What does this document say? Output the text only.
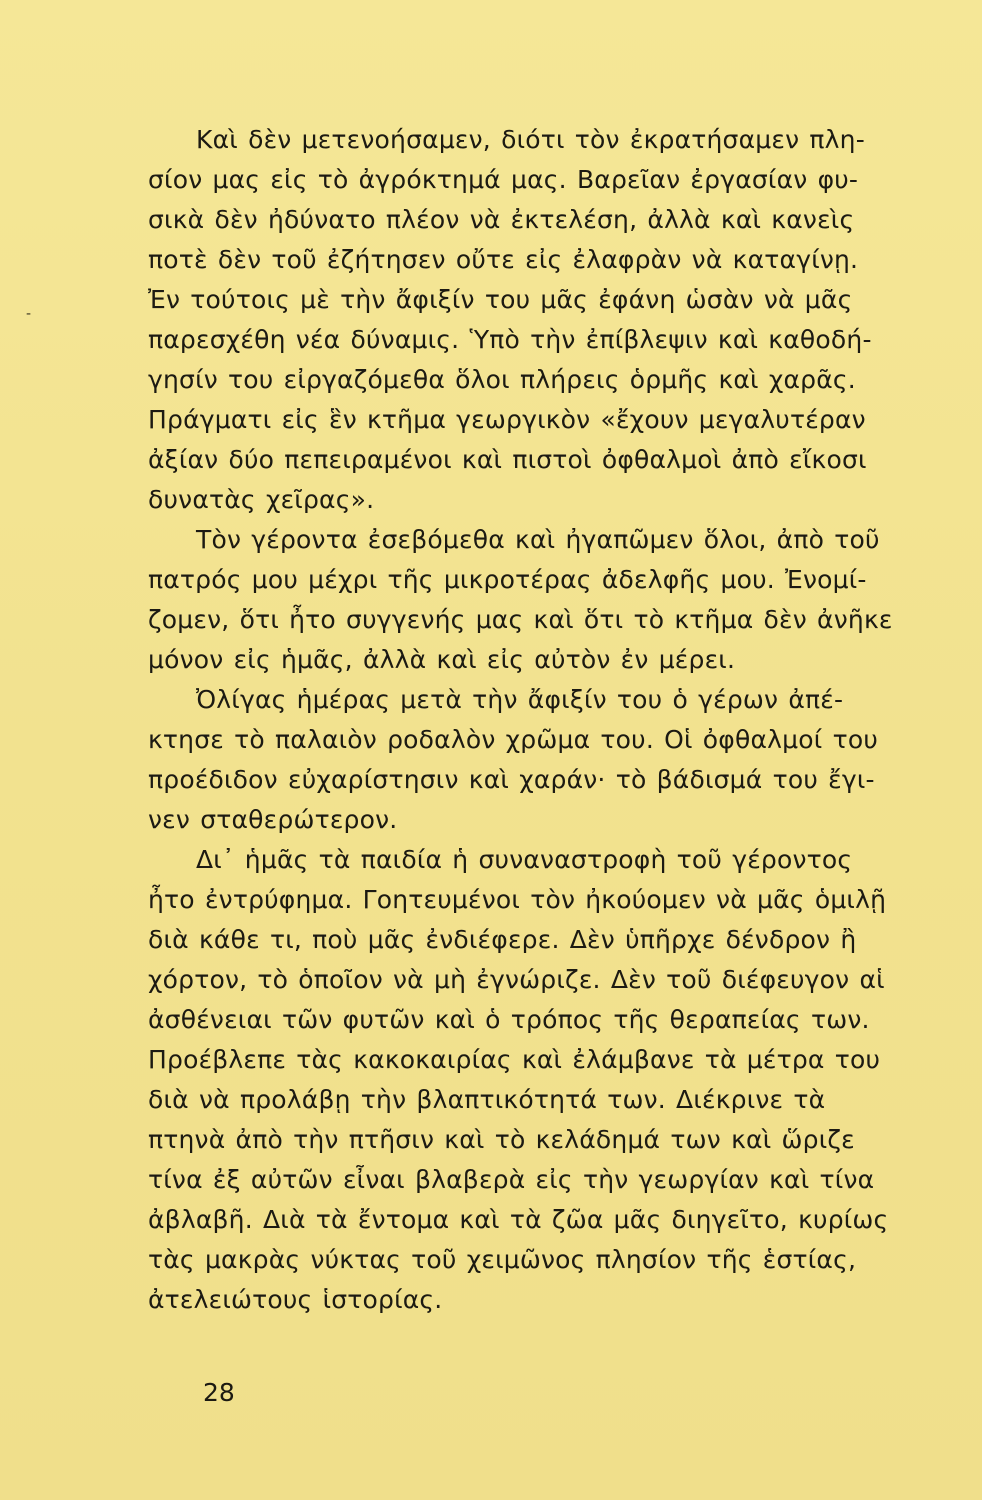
-
Καὶ δὲν μετενοήσαμεν, διότι τὸν ἐκρατήσαμεν πλη-
σίον μας εἰς τὸ ἀγρόκτημά μας. Βαρεῖαν ἐργασίαν φυ-
σικὰ δὲν ἠδύνατο πλέον νὰ ἐκτελέση, ἀλλὰ καὶ κανεὶς
ποτὲ δὲν τοῦ ἐζήτησεν οὔτε εἰς ἐλαφρὰν νὰ καταγίνῃ.
Ἐν τούτοις μὲ τὴν ἄφιξίν του μᾶς ἐφάνη ὡσὰν νὰ μᾶς
παρεσχέθη νέα δύναμις. Ὑπὸ τὴν ἐπίβλεψιν καὶ καθοδή-
γησίν του εἰργαζόμεθα ὅλοι πλήρεις ὁρμῆς καὶ χαρᾶς.
Πράγματι εἰς ἓν κτῆμα γεωργικὸν «ἔχουν μεγαλυτέραν
ἀξίαν δύο πεπειραμένοι καὶ πιστοὶ ὀφθαλμοὶ ἀπὸ εἴκοσι
δυνατὰς χεῖρας».
Τὸν γέροντα ἐσεβόμεθα καὶ ἠγαπῶμεν ὅλοι, ἀπὸ τοῦ
πατρός μου μέχρι τῆς μικροτέρας ἀδελφῆς μου. Ἐνομί-
ζομεν, ὅτι ἦτο συγγενής μας καὶ ὅτι τὸ κτῆμα δὲν ἀνῆκε
μόνον εἰς ἡμᾶς, ἀλλὰ καὶ εἰς αὐτὸν ἐν μέρει.
Ὀλίγας ἡμέρας μετὰ τὴν ἄφιξίν του ὁ γέρων ἀπέ-
κτησε τὸ παλαιὸν ροδαλὸν χρῶμα του. Οἱ ὀφθαλμοί του
προέδιδον εὐχαρίστησιν καὶ χαράν· τὸ βάδισμά του ἔγι-
νεν σταθερώτερον.
Δι᾽ ἡμᾶς τὰ παιδία ἡ συναναστροφὴ τοῦ γέροντος
ἦτο ἐντρύφημα. Γοητευμένοι τὸν ἠκούομεν νὰ μᾶς ὁμιλῇ
διὰ κάθε τι, ποὺ μᾶς ἐνδιέφερε. Δὲν ὑπῆρχε δένδρον ἢ
χόρτον, τὸ ὁποῖον νὰ μὴ ἐγνώριζε. Δὲν τοῦ διέφευγον αἱ
ἀσθένειαι τῶν φυτῶν καὶ ὁ τρόπος τῆς θεραπείας των.
Προέβλεπε τὰς κακοκαιρίας καὶ ἐλάμβανε τὰ μέτρα του
διὰ νὰ προλάβῃ τὴν βλαπτικότητά των. Διέκρινε τὰ
πτηνὰ ἀπὸ τὴν πτῆσιν καὶ τὸ κελάδημά των καὶ ὥριζε
τίνα ἐξ αὐτῶν εἶναι βλαβερὰ εἰς τὴν γεωργίαν καὶ τίνα
ἀβλαβῆ. Διὰ τὰ ἔντομα καὶ τὰ ζῶα μᾶς διηγεῖτο, κυρίως
τὰς μακρὰς νύκτας τοῦ χειμῶνος πλησίον τῆς ἑστίας,
ἀτελειώτους ἱστορίας.
28
